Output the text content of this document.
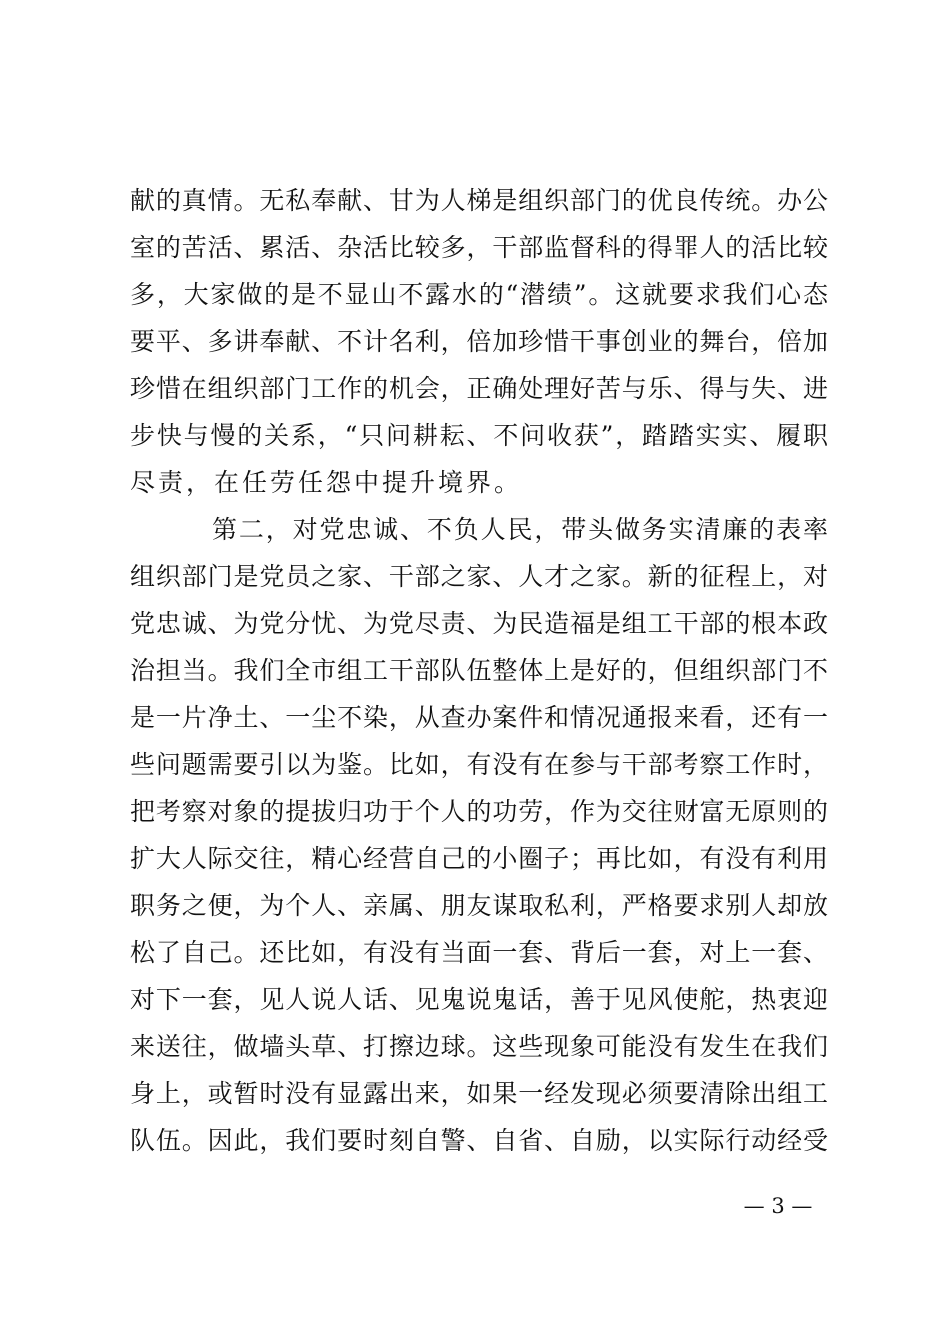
献的真情。无私奉献、甘为人梯是组织部门的优良传统。办公
室的苦活、累活、杂活比较多，干部监督科的得罪人的活比较
多，大家做的是不显山不露水的“潜绩”。这就要求我们心态
要平、多讲奉献、不计名利，倍加珍惜干事创业的舞台，倍加
珍惜在组织部门工作的机会，正确处理好苦与乐、得与失、进
步快与慢的关系，“只问耕耘、不问收获”，踏踏实实、履职
尽责，在任劳任怨中提升境界。
第二，对党忠诚、不负人民，带头做务实清廉的表率
组织部门是党员之家、干部之家、人才之家。新的征程上，对
党忠诚、为党分忧、为党尽责、为民造福是组工干部的根本政
治担当。我们全市组工干部队伍整体上是好的，但组织部门不
是一片净土、一尘不染，从查办案件和情况通报来看，还有一
些问题需要引以为鉴。比如，有没有在参与干部考察工作时，
把考察对象的提拔归功于个人的功劳，作为交往财富无原则的
扩大人际交往，精心经营自己的小圈子；再比如，有没有利用
职务之便，为个人、亲属、朋友谋取私利，严格要求别人却放
松了自己。还比如，有没有当面一套、背后一套，对上一套、
对下一套，见人说人话、见鬼说鬼话，善于见风使舵，热衷迎
来送往，做墙头草、打擦边球。这些现象可能没有发生在我们
身上，或暂时没有显露出来，如果一经发现必须要清除出组工
队伍。因此，我们要时刻自警、自省、自励，以实际行动经受
— 3 —
